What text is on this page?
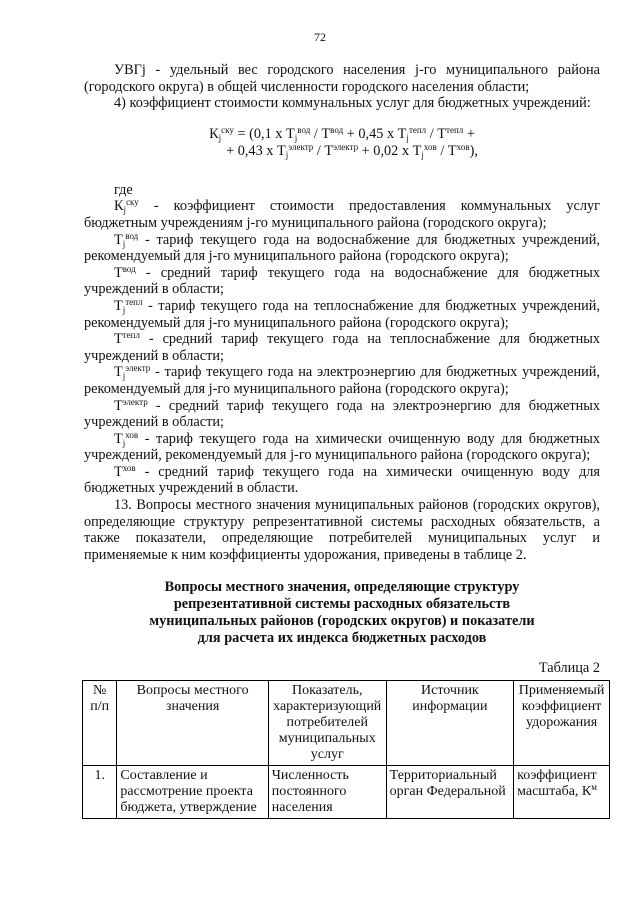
72

УВГj - удельный вес городского населения j-го муниципального района (городского округа) в общей численности городского населения области;

4) коэффициент стоимости коммунальных услуг для бюджетных учреждений:

$К_j^{ску} = (0,1$ x $Т_j^{вод} / Т^{вод} + 0,45$ x $Т_j^{тепл} / Т^{тепл}$ +
+ 0,43 x $Т_j^{электр} / Т^{электр} + 0,02$ x $Т_j^{хов} / Т^{хов}$),

где

$К_j^{ску}$ - коэффициент стоимости предоставления коммунальных услуг бюджетным учреждениям j-го муниципального района (городского округа);

$Т_j^{вод}$ - тариф текущего года на водоснабжение для бюджетных учреждений, рекомендуемый для j-го муниципального района (городского округа);

$Т^{вод}$ - средний тариф текущего года на водоснабжение для бюджетных учреждений в области;

$Т_j^{тепл}$ - тариф текущего года на теплоснабжение для бюджетных учреждений, рекомендуемый для j-го муниципального района (городского округа);

$Т^{тепл}$ - средний тариф текущего года на теплоснабжение для бюджетных учреждений в области;

$Т_j^{электр}$ - тариф текущего года на электроэнергию для бюджетных учреждений, рекомендуемый для j-го муниципального района (городского округа);

$Т^{электр}$ - средний тариф текущего года на электроэнергию для бюджетных учреждений в области;

$Т_j^{хов}$ - тариф текущего года на химически очищенную воду для бюджетных учреждений, рекомендуемый для j-го муниципального района (городского округа);

$Т^{хов}$ - средний тариф текущего года на химически очищенную воду для бюджетных учреждений в области.

13. Вопросы местного значения муниципальных районов (городских округов), определяющие структуру репрезентативной системы расходных обязательств, а также показатели, определяющие потребителей муниципальных услуг и применяемые к ним коэффициенты удорожания, приведены в таблице 2.

Вопросы местного значения, определяющие структуру
репрезентативной системы расходных обязательств
муниципальных районов (городских округов) и показатели
для расчета их индекса бюджетных расходов
Таблица 2
№ п/п	Вопросы местного значения	Показатель, характеризующий потребителей муниципальных услуг	Источник информации	Применяемый коэффициент удорожания
1.	Составление и рассмотрение проекта бюджета, утверждение	Численность постоянного населения	Территориальный орган Федеральной	коэффициент масштаба, $К^м$
